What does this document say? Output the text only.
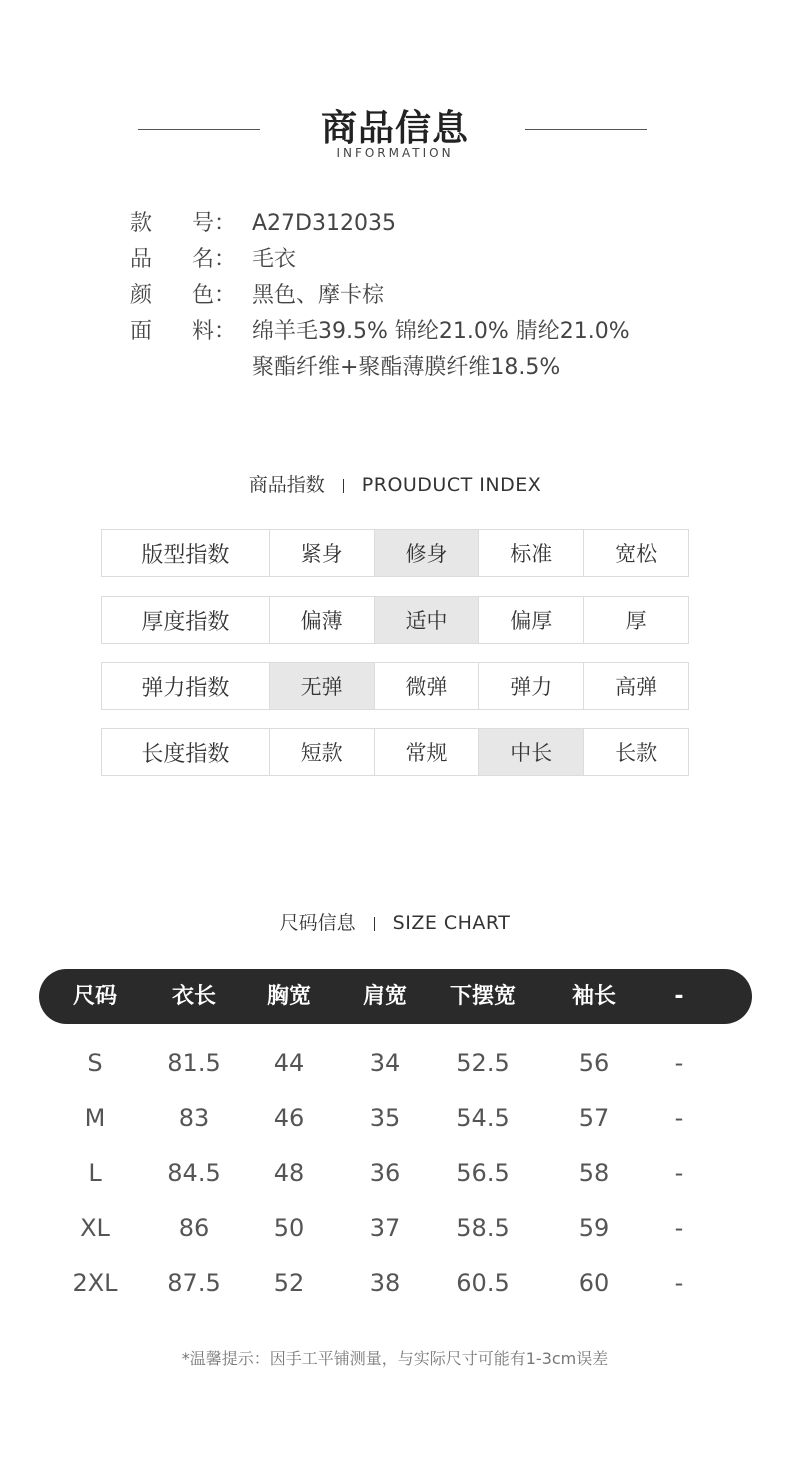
商品信息
INFORMATION
款	号： A27D312035
品	名： 毛衣
颜	色： 黑色、摩卡棕
面	料： 绵羊毛39.5% 锦纶21.0% 腈纶21.0%
聚酯纤维+聚酯薄膜纤维18.5%
商品指数 PROUDUCT INDEX
版型指数	紧身	修身	标准	宽松
厚度指数	偏薄	适中	偏厚	厚
弹力指数	无弹	微弹	弹力	高弹
长度指数	短款	常规	中长	长款
尺码信息 SIZE CHART
尺码	衣长	胸宽	肩宽	下摆宽	袖长	-
S	81.5	44	34	52.5	56	-
M	83	46	35	54.5	57	-
L	84.5	48	36	56.5	58	-
XL	86	50	37	58.5	59	-
2XL	87.5	52	38	60.5	60	-
*温馨提示：因手工平铺测量，与实际尺寸可能有1-3cm误差
